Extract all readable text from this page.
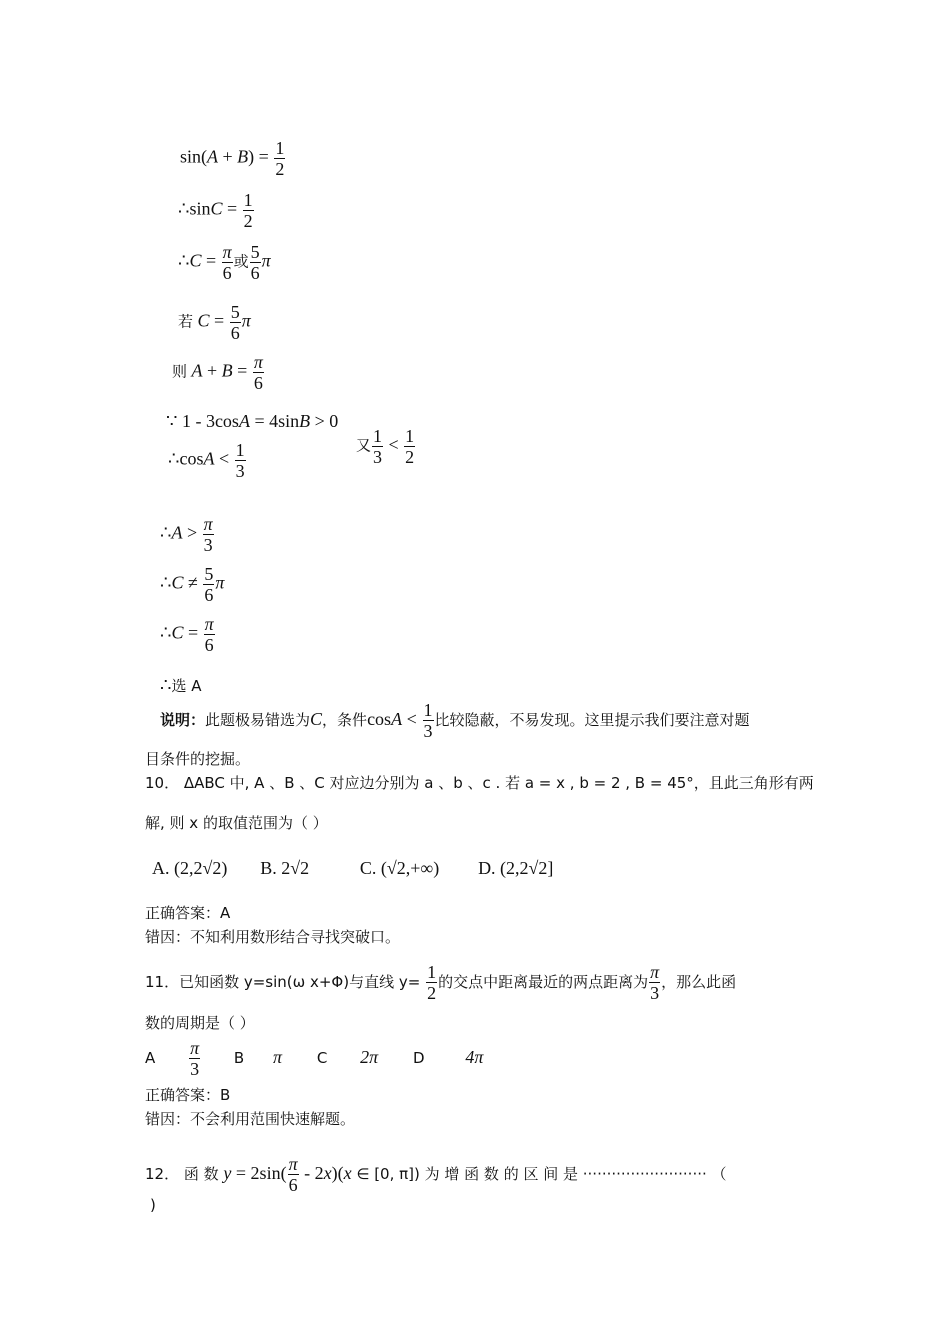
$\sin(A + B) = \frac{1}{2}$
∴sinC = $\frac{1}{2}$
∴C = $\frac{\pi}{6}$ 或 $\frac{5}{6}$ π
若 $C = \frac{5}{6}$ π
则 $A + B = \frac{\pi}{6}$
∵ 1 - 3cosA = 4sinB > 0
∴cosA < $\frac{1}{3}$	又 $\frac{1}{3} < \frac{1}{2}$
∴A > $\frac{\pi}{3}$
∴C ≠ $\frac{5}{6}$ π
∴C = $\frac{\pi}{6}$
∴选 A
说明：此题极易错选为C，条件$\cos A < \frac{1}{3}$ 比较隐蔽，不易发现。这里提示我们要注意对题
目条件的挖掘。
10． ΔABC 中, A 、B 、C 对应边分别为 a 、b 、c . 若 a = x , b = 2 , B = 45°，且此三角形有两
解, 则 x 的取值范围为（ ）
A. (2,2√2) B. 2√2	C. (√2,+∞) D. (2,2√2]
正确答案：A
错因：不知利用数形结合寻找突破口。
11．已知函数 y=sin(ω x+Φ)与直线 $y= \frac{1}{2}$ 的交点中距离最近的两点距离为 $\frac{\pi}{3}$ ，那么此函
数的周期是（ ）
A $\frac{\pi}{3}$ B π C 2π D 4π
正确答案：B
错因：不会利用范围快速解题。
12． 函 数 $y = 2\sin( \frac{\pi}{6} - 2x)(x$ ∈ [0, π]) 为 增 函 数 的 区 间 是 ·························· （
)
